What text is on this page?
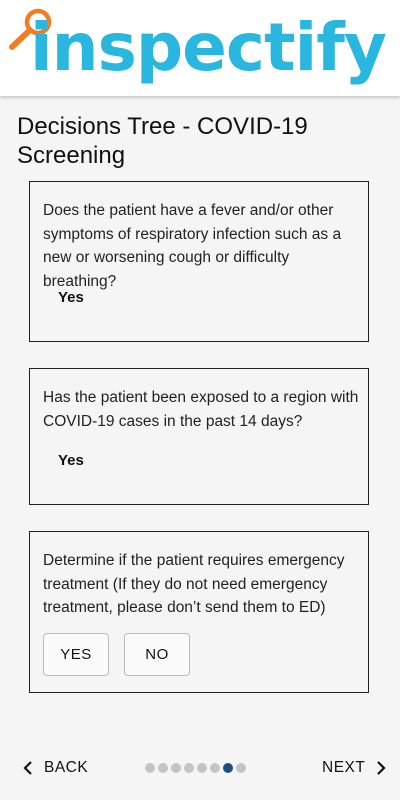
inspectify
Decisions Tree - COVID-19 Screening
Does the patient have a fever and/or other symptoms of respiratory infection such as a new or worsening cough or difficulty breathing?
Yes
Has the patient been exposed to a region with COVID-19 cases in the past 14 days?
Yes
Determine if the patient requires emergency treatment (If they do not need emergency treatment, please don’t send them to ED)
YES	NO
BACK	NEXT
